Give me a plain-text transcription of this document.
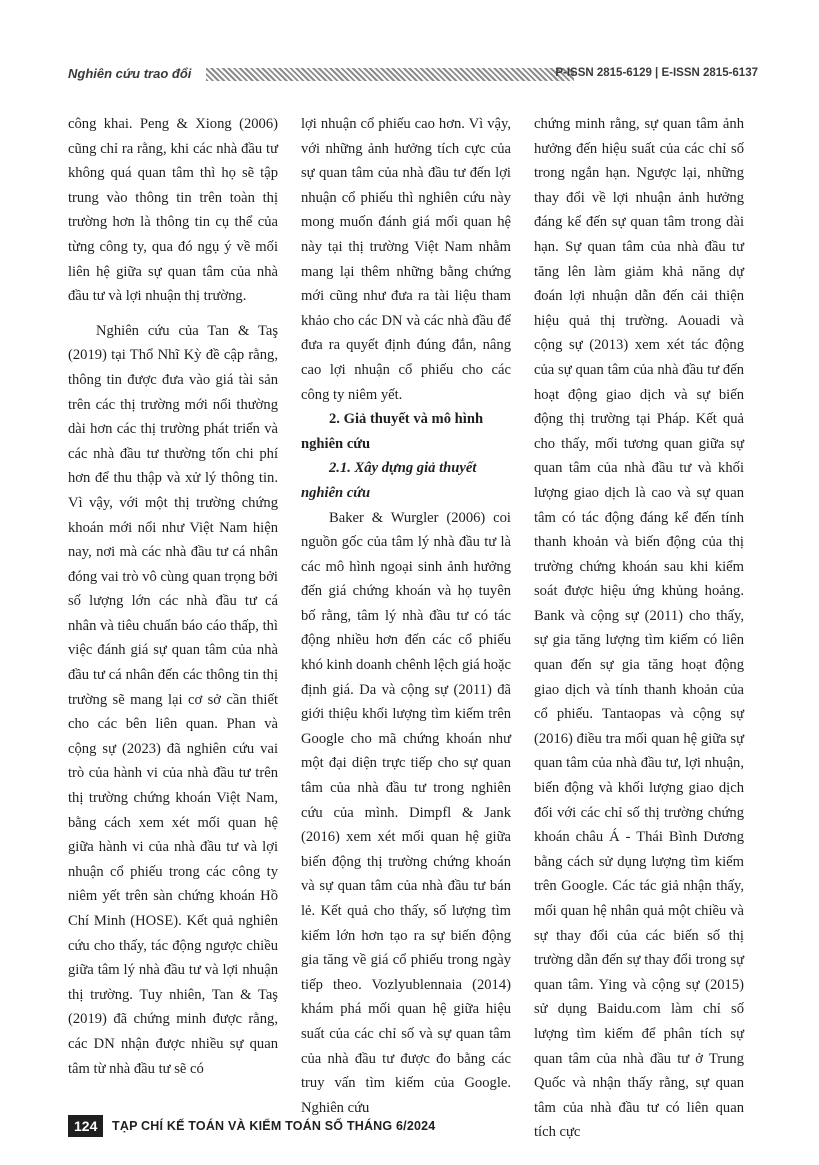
Nghiên cứu trao đổi	P-ISSN 2815-6129 | E-ISSN 2815-6137

công khai. Peng & Xiong (2006) cũng chỉ ra rằng, khi các nhà đầu tư không quá quan tâm thì họ sẽ tập trung vào thông tin trên toàn thị trường hơn là thông tin cụ thể của từng công ty, qua đó ngụ ý về mối liên hệ giữa sự quan tâm của nhà đầu tư và lợi nhuận thị trường.

Nghiên cứu của Tan & Taş (2019) tại Thổ Nhĩ Kỳ đề cập rằng, thông tin được đưa vào giá tài sản trên các thị trường mới nổi thường dài hơn các thị trường phát triển và các nhà đầu tư thường tốn chi phí hơn để thu thập và xử lý thông tin. Vì vậy, với một thị trường chứng khoán mới nổi như Việt Nam hiện nay, nơi mà các nhà đầu tư cá nhân đóng vai trò vô cùng quan trọng bởi số lượng lớn các nhà đầu tư cá nhân và tiêu chuẩn báo cáo thấp, thì việc đánh giá sự quan tâm của nhà đầu tư cá nhân đến các thông tin thị trường sẽ mang lại cơ sở cần thiết cho các bên liên quan. Phan và cộng sự (2023) đã nghiên cứu vai trò của hành vi của nhà đầu tư trên thị trường chứng khoán Việt Nam, bằng cách xem xét mối quan hệ giữa hành vi của nhà đầu tư và lợi nhuận cổ phiếu trong các công ty niêm yết trên sàn chứng khoán Hồ Chí Minh (HOSE). Kết quả nghiên cứu cho thấy, tác động ngược chiều giữa tâm lý nhà đầu tư và lợi nhuận thị trường. Tuy nhiên, Tan & Taş (2019) đã chứng minh được rằng, các DN nhận được nhiều sự quan tâm từ nhà đầu tư sẽ có

lợi nhuận cổ phiếu cao hơn. Vì vậy, với những ảnh hưởng tích cực của sự quan tâm của nhà đầu tư đến lợi nhuận cổ phiếu thì nghiên cứu này mong muốn đánh giá mối quan hệ này tại thị trường Việt Nam nhằm mang lại thêm những bằng chứng mới cũng như đưa ra tài liệu tham khảo cho các DN và các nhà đầu để đưa ra quyết định đúng đắn, nâng cao lợi nhuận cổ phiếu cho các công ty niêm yết.

2. Giả thuyết và mô hình nghiên cứu

2.1. Xây dựng giả thuyết nghiên cứu

Baker & Wurgler (2006) coi nguồn gốc của tâm lý nhà đầu tư là các mô hình ngoại sinh ảnh hưởng đến giá chứng khoán và họ tuyên bố rằng, tâm lý nhà đầu tư có tác động nhiều hơn đến các cổ phiếu khó kinh doanh chênh lệch giá hoặc định giá. Da và cộng sự (2011) đã giới thiệu khối lượng tìm kiếm trên Google cho mã chứng khoán như một đại diện trực tiếp cho sự quan tâm của nhà đầu tư trong nghiên cứu của mình. Dimpfl & Jank (2016) xem xét mối quan hệ giữa biến động thị trường chứng khoán và sự quan tâm của nhà đầu tư bán lẻ. Kết quả cho thấy, số lượng tìm kiếm lớn hơn tạo ra sự biến động gia tăng về giá cổ phiếu trong ngày tiếp theo. Vozlyublennaia (2014) khám phá mối quan hệ giữa hiệu suất của các chỉ số và sự quan tâm của nhà đầu tư được đo bằng các truy vấn tìm kiếm của Google. Nghiên cứu

chứng minh rằng, sự quan tâm ảnh hưởng đến hiệu suất của các chỉ số trong ngắn hạn. Ngược lại, những thay đổi về lợi nhuận ảnh hưởng đáng kể đến sự quan tâm trong dài hạn. Sự quan tâm của nhà đầu tư tăng lên làm giảm khả năng dự đoán lợi nhuận dẫn đến cải thiện hiệu quả thị trường. Aouadi và cộng sự (2013) xem xét tác động của sự quan tâm của nhà đầu tư đến hoạt động giao dịch và sự biến động thị trường tại Pháp. Kết quả cho thấy, mối tương quan giữa sự quan tâm của nhà đầu tư và khối lượng giao dịch là cao và sự quan tâm có tác động đáng kể đến tính thanh khoản và biến động của thị trường chứng khoán sau khi kiểm soát được hiệu ứng khủng hoảng. Bank và cộng sự (2011) cho thấy, sự gia tăng lượng tìm kiếm có liên quan đến sự gia tăng hoạt động giao dịch và tính thanh khoản của cổ phiếu. Tantaopas và cộng sự (2016) điều tra mối quan hệ giữa sự quan tâm của nhà đầu tư, lợi nhuận, biến động và khối lượng giao dịch đối với các chỉ số thị trường chứng khoán châu Á - Thái Bình Dương bằng cách sử dụng lượng tìm kiếm trên Google. Các tác giả nhận thấy, mối quan hệ nhân quả một chiều và sự thay đổi của các biến số thị trường dẫn đến sự thay đổi trong sự quan tâm. Ying và cộng sự (2015) sử dụng Baidu.com làm chỉ số lượng tìm kiếm để phân tích sự quan tâm của nhà đầu tư ở Trung Quốc và nhận thấy rằng, sự quan tâm của nhà đầu tư có liên quan tích cực

124	TẠP CHÍ KẾ TOÁN VÀ KIỂM TOÁN SỐ THÁNG 6/2024
